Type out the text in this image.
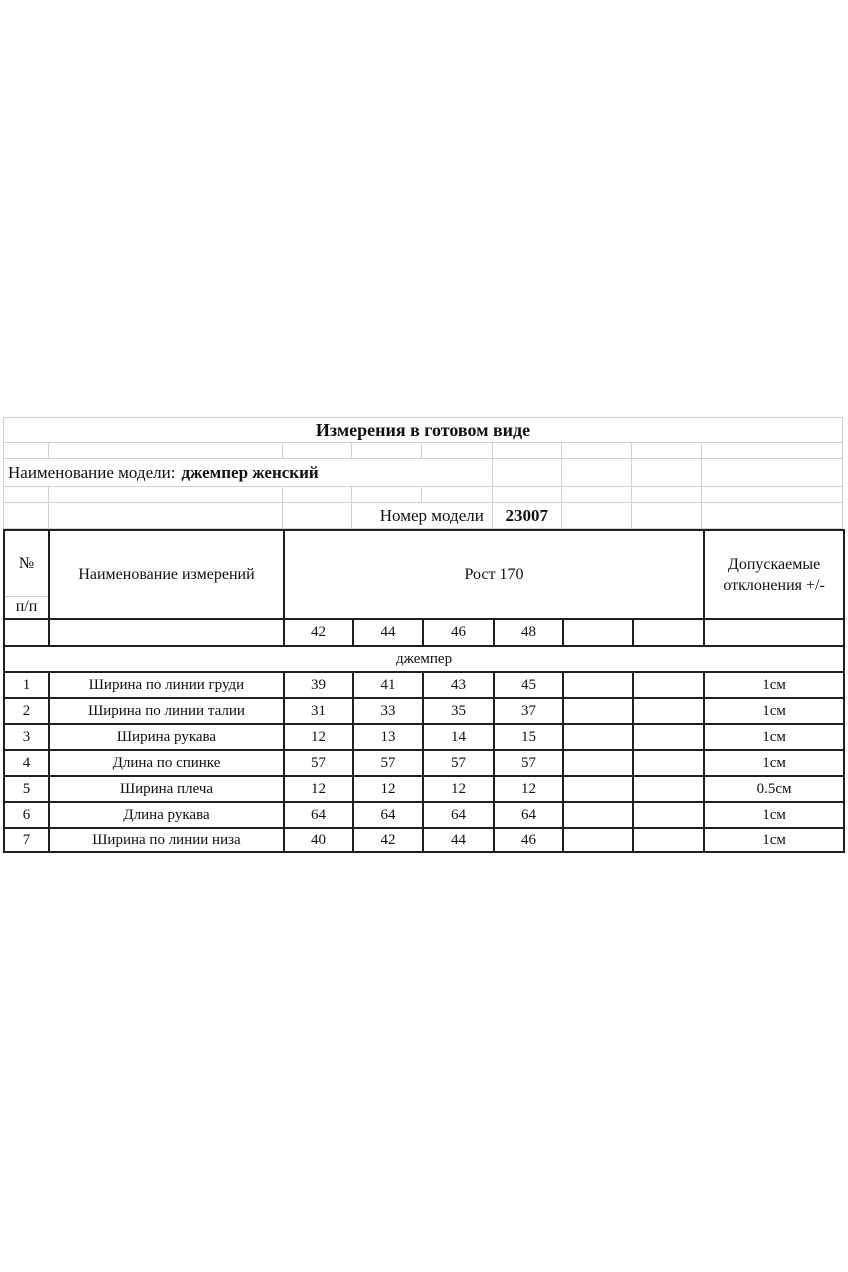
Измерения в готовом виде
Наименование модели: джемпер женский
Номер модели	23007
№
п/п
	Наименование измерений	Рост 170	
Допускаемые
отклонения +/-

		42	44	46	48			
джемпер								
1	Ширина по линии груди	39	41	43	45			1см
2	Ширина по линии талии	31	33	35	37			1см
3	Ширина рукава	12	13	14	15			1см
4	Длина по спинке	57	57	57	57			1см
5	Ширина плеча	12	12	12	12			0.5см
6	Длина рукава	64	64	64	64			1см
7	Ширина по линии низа	40	42	44	46			1см
